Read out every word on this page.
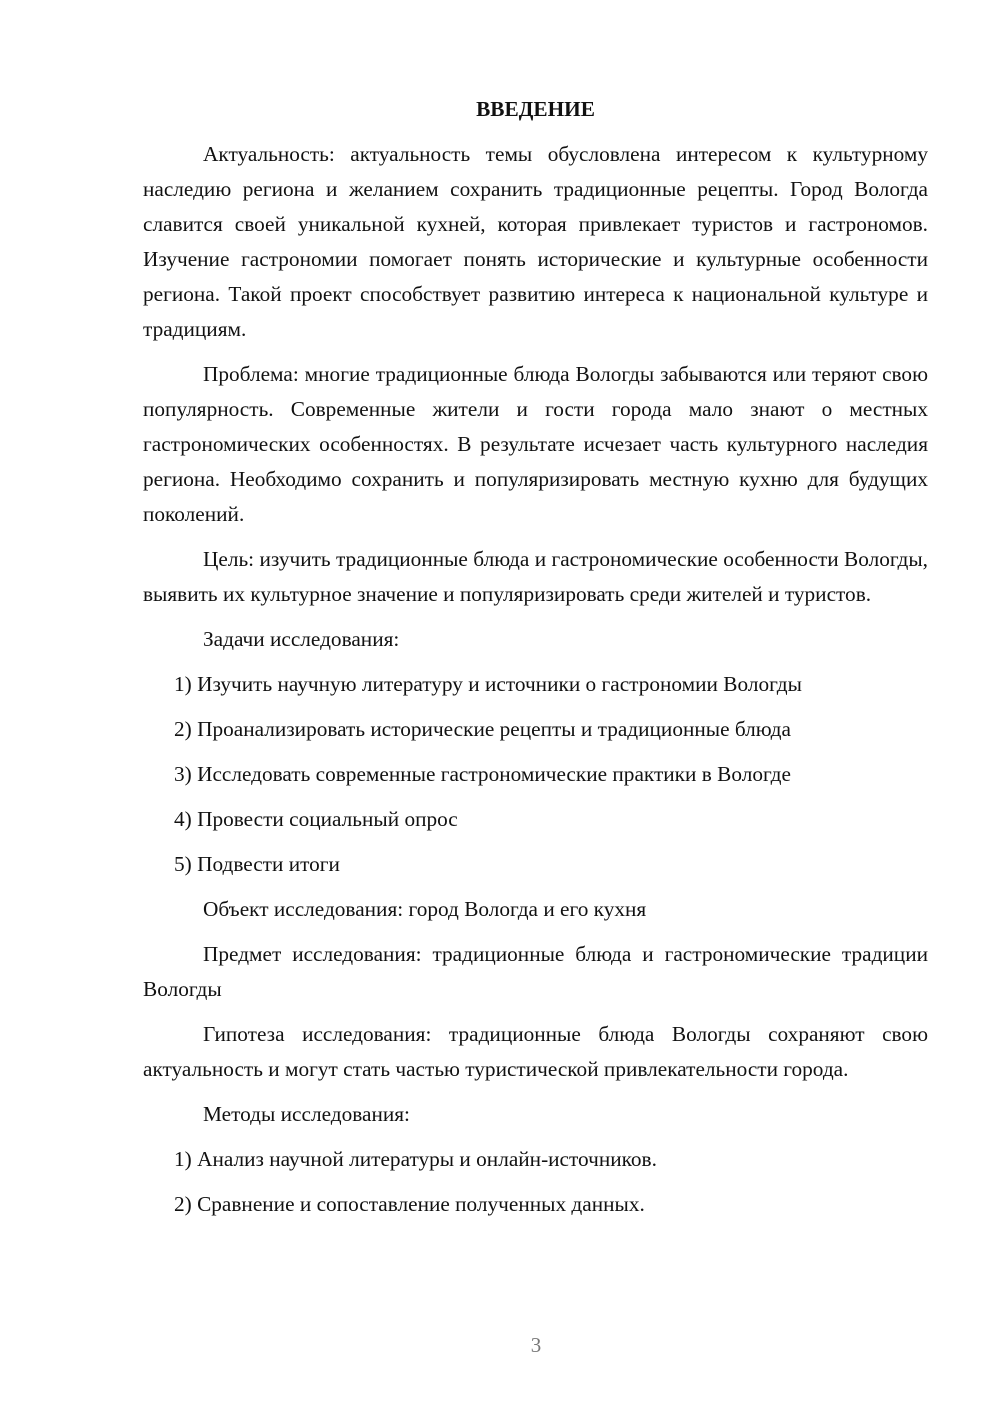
ВВЕДЕНИЕ

Актуальность: актуальность темы обусловлена интересом к культурному наследию региона и желанием сохранить традиционные рецепты. Город Вологда славится своей уникальной кухней, которая привлекает туристов и гастрономов. Изучение гастрономии помогает понять исторические и культурные особенности региона. Такой проект способствует развитию интереса к национальной культуре и традициям.

Проблема: многие традиционные блюда Вологды забываются или теряют свою популярность. Современные жители и гости города мало знают о местных гастрономических особенностях. В результате исчезает часть культурного наследия региона. Необходимо сохранить и популяризировать местную кухню для будущих поколений.

Цель: изучить традиционные блюда и гастрономические особенности Вологды, выявить их культурное значение и популяризировать среди жителей и туристов.

Задачи исследования:

1) Изучить научную литературу и источники о гастрономии Вологды
2) Проанализировать исторические рецепты и традиционные блюда
3) Исследовать современные гастрономические практики в Вологде
4) Провести социальный опрос
5) Подвести итоги

Объект исследования: город Вологда и его кухня

Предмет исследования: традиционные блюда и гастрономические традиции Вологды

Гипотеза исследования: традиционные блюда Вологды сохраняют свою актуальность и могут стать частью туристической привлекательности города.

Методы исследования:

1) Анализ научной литературы и онлайн-источников.
2) Сравнение и сопоставление полученных данных.
3
